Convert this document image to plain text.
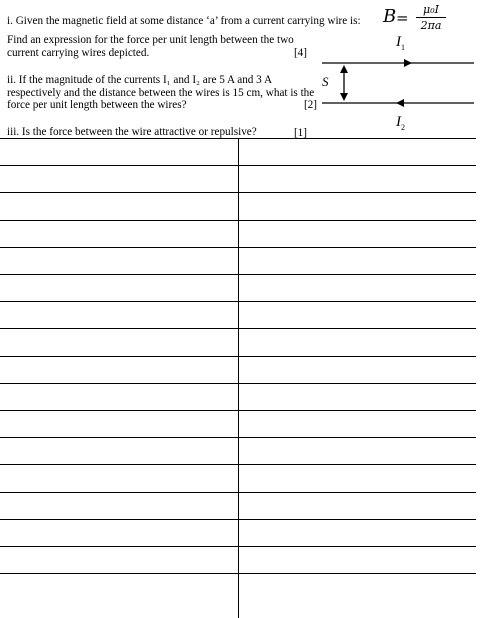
i. Given the magnetic field at some distance ‘a’ from a current carrying wire is:	$B = \frac{\text{μ₀I}}{2\pi a}$
Find an expression for the force per unit length between the two current carrying wires depicted.	[4]
ii. If the magnitude of the currents I₁ and I₂ are 5 A and 3 A respectively and the distance between the wires is 15 cm, what is the force per unit length between the wires?	[2]
iii. Is the force between the wire attractive or repulsive?	[1]
$I_1$
$I_2$
S
